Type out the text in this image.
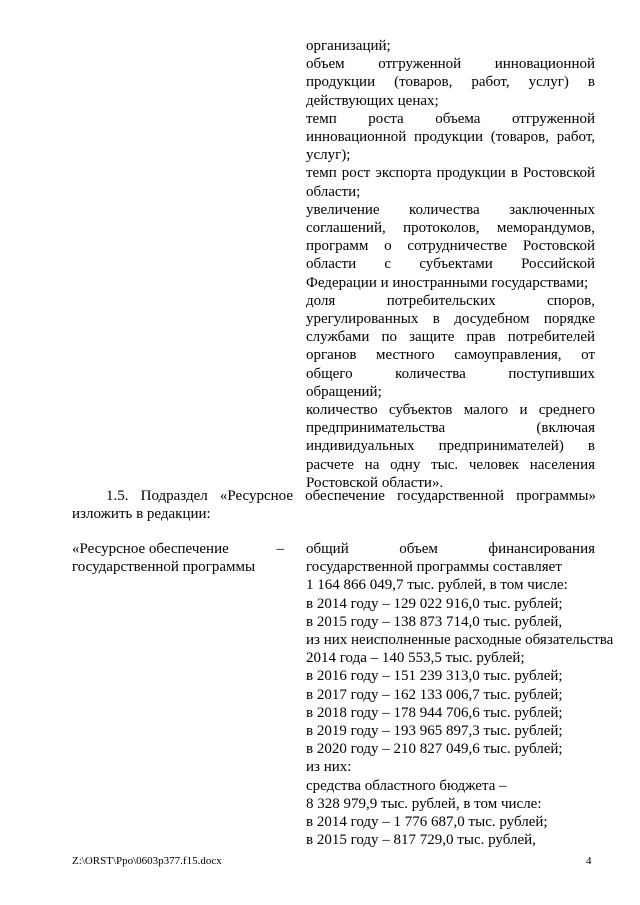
организаций;

объем отгруженной инновационной продукции (товаров, работ, услуг) в действующих ценах;

темп роста объема отгруженной инновационной продукции (товаров, работ, услуг);

темп рост экспорта продукции в Ростовской области;

увеличение количества заключенных соглашений, протоколов, меморандумов, программ о сотрудничестве Ростовской области с субъектами Российской Федерации и иностранными государствами;

доля потребительских споров, урегулированных в досудебном порядке службами по защите прав потребителей органов местного самоуправления, от общего количества поступивших обращений;

количество субъектов малого и среднего предпринимательства (включая индивидуальных предпринимателей) в расчете на одну тыс. человек населения Ростовской области».

1.5. Подраздел «Ресурсное обеспечение государственной программы» изложить в редакции:

«Ресурсное обеспечение	–
государственной программы

общий объем финансирования государственной программы составляет

1 164 866 049,7 тыс. рублей, в том числе:
в 2014 году – 129 022 916,0 тыс. рублей;
в 2015 году – 138 873 714,0 тыс. рублей,
из них неисполненные расходные обязательства
2014 года – 140 553,5 тыс. рублей;
в 2016 году – 151 239 313,0 тыс. рублей;
в 2017 году – 162 133 006,7 тыс. рублей;
в 2018 году – 178 944 706,6 тыс. рублей;
в 2019 году – 193 965 897,3 тыс. рублей;
в 2020 году – 210 827 049,6 тыс. рублей;
из них:
средства областного бюджета –
8 328 979,9 тыс. рублей, в том числе:
в 2014 году – 1 776 687,0 тыс. рублей;
в 2015 году – 817 729,0 тыс. рублей,
Z:\ORST\Ppo\0603p377.f15.docx	4
